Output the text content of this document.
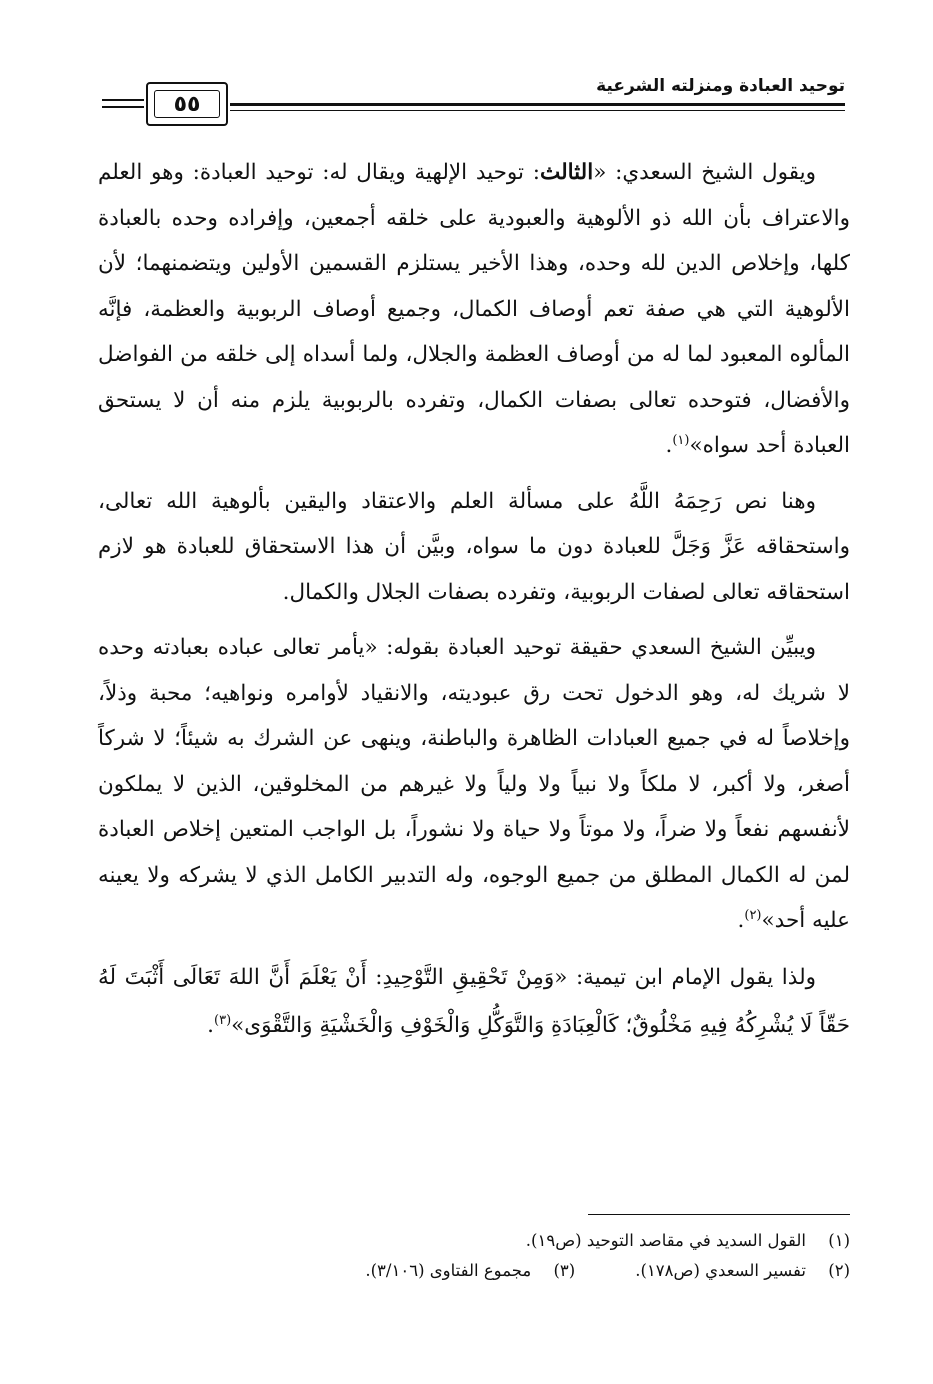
توحيد العبادة ومنزلته الشرعية
٥٥

ويقول الشيخ السعدي: «الثالث: توحيد الإلهية ويقال له: توحيد العبادة: وهو العلم والاعتراف بأن الله ذو الألوهية والعبودية على خلقه أجمعين، وإفراده وحده بالعبادة كلها، وإخلاص الدين لله وحده، وهذا الأخير يستلزم القسمين الأولين ويتضمنهما؛ لأن الألوهية التي هي صفة تعم أوصاف الكمال، وجميع أوصاف الربوبية والعظمة، فإنَّه المألوه المعبود لما له من أوصاف العظمة والجلال، ولما أسداه إلى خلقه من الفواضل والأفضال، فتوحده تعالى بصفات الكمال، وتفرده بالربوبية يلزم منه أن لا يستحق العبادة أحد سواه»$^{(١)}$.

وهنا نص رَحِمَهُ اللَّهُ على مسألة العلم والاعتقاد واليقين بألوهية الله تعالى، واستحقاقه عَزَّ وَجَلَّ للعبادة دون ما سواه، وبيَّن أن هذا الاستحقاق للعبادة هو لازم استحقاقه تعالى لصفات الربوبية، وتفرده بصفات الجلال والكمال.

ويبيِّن الشيخ السعدي حقيقة توحيد العبادة بقوله: «يأمر تعالى عباده بعبادته وحده لا شريك له، وهو الدخول تحت رق عبوديته، والانقياد لأوامره ونواهيه؛ محبة وذلاً، وإخلاصاً له في جميع العبادات الظاهرة والباطنة، وينهى عن الشرك به شيئاً؛ لا شركاً أصغر، ولا أكبر، لا ملكاً ولا نبياً ولا ولياً ولا غيرهم من المخلوقين، الذين لا يملكون لأنفسهم نفعاً ولا ضراً، ولا موتاً ولا حياة ولا نشوراً، بل الواجب المتعين إخلاص العبادة لمن له الكمال المطلق من جميع الوجوه، وله التدبير الكامل الذي لا يشركه ولا يعينه عليه أحد»$^{(٢)}$.

ولذا يقول الإمام ابن تيمية: «وَمِنْ تَحْقِيقِ التَّوْحِيدِ: أَنْ يَعْلَمَ أَنَّ اللهَ تَعَالَى أَثْبَتَ لَهُ حَقّاً لَا يُشْرِكُهُ فِيهِ مَخْلُوقٌ؛ كَالْعِبَادَةِ وَالتَّوَكُّلِ وَالْخَوْفِ وَالْخَشْيَةِ وَالتَّقْوَى»$^{(٣)}$.

(١)القول السديد في مقاصد التوحيد (ص١٩).
(٢)تفسير السعدي (ص١٧٨).(٣)مجموع الفتاوى (٣/١٠٦).
